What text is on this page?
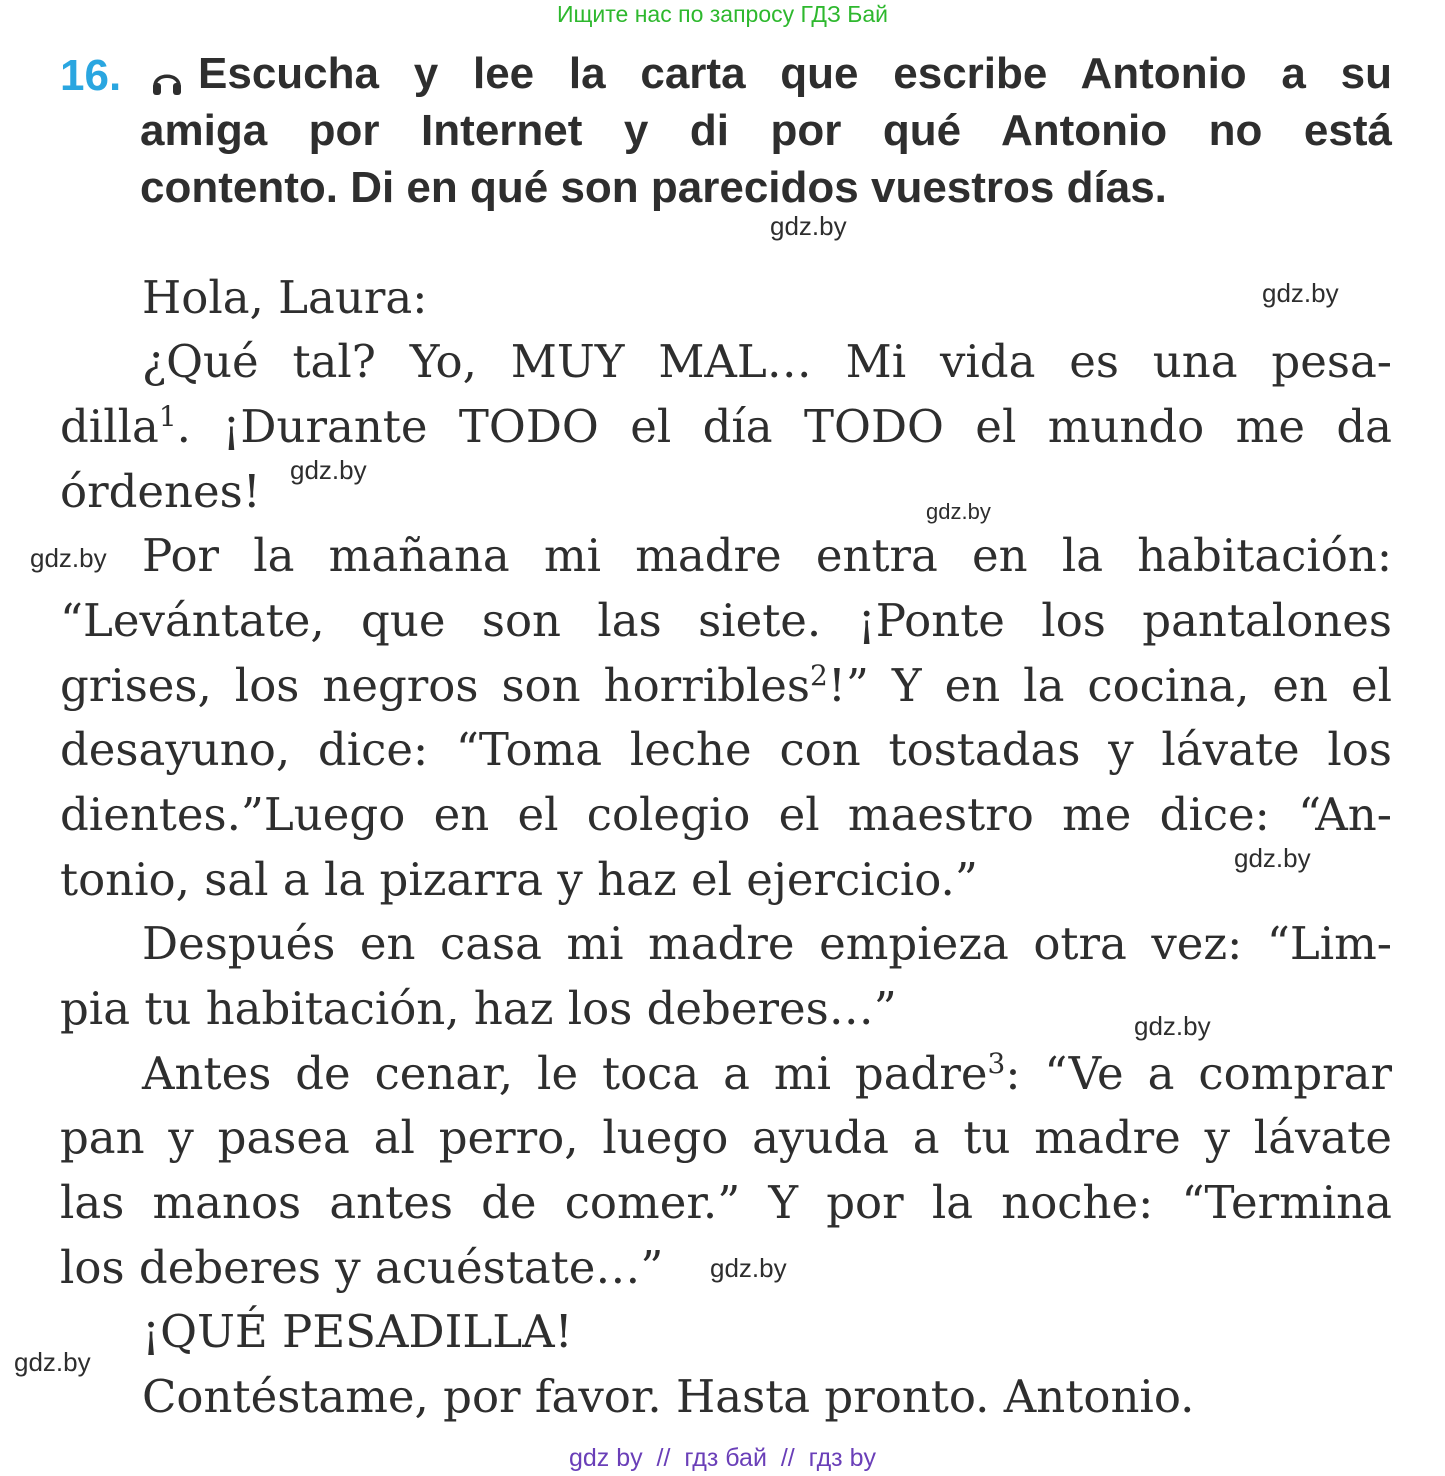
Ищите нас по запросу ГДЗ Бай
16.	Escucha y lee la carta que escribe Antonio a su
amiga por Internet y di por qué Antonio no está
contento. Di en qué son parecidos vuestros días.
Hola, Laura:
¿Qué tal? Yo, MUY MAL… Mi vida es una pesa-
dilla$^1$. ¡Durante TODO el día TODO el mundo me da
órdenes!
Por la mañana mi madre entra en la habitación:
“Levántate, que son las siete. ¡Ponte los pantalones
grises, los negros son horribles$^2$!” Y en la cocina, en el
desayuno, dice: “Toma leche con tostadas y lávate los
dientes.”Luego en el colegio el maestro me dice: “An-
tonio, sal a la pizarra y haz el ejercicio.”
Después en casa mi madre empieza otra vez: “Lim-
pia tu habitación, haz los deberes…”
Antes de cenar, le toca a mi padre$^3$: “Ve a comprar
pan y pasea al perro, luego ayuda a tu madre y lávate
las manos antes de comer.” Y por la noche: “Termina
los deberes y acuéstate…”
¡QUÉ PESADILLA!
Contéstame, por favor. Hasta pronto. Antonio.
gdz.by
gdz.by
gdz.by
gdz.by
gdz.by
gdz.by
gdz.by
gdz.by
gdz.by
gdz by  //  гдз бай  //  гдз by
